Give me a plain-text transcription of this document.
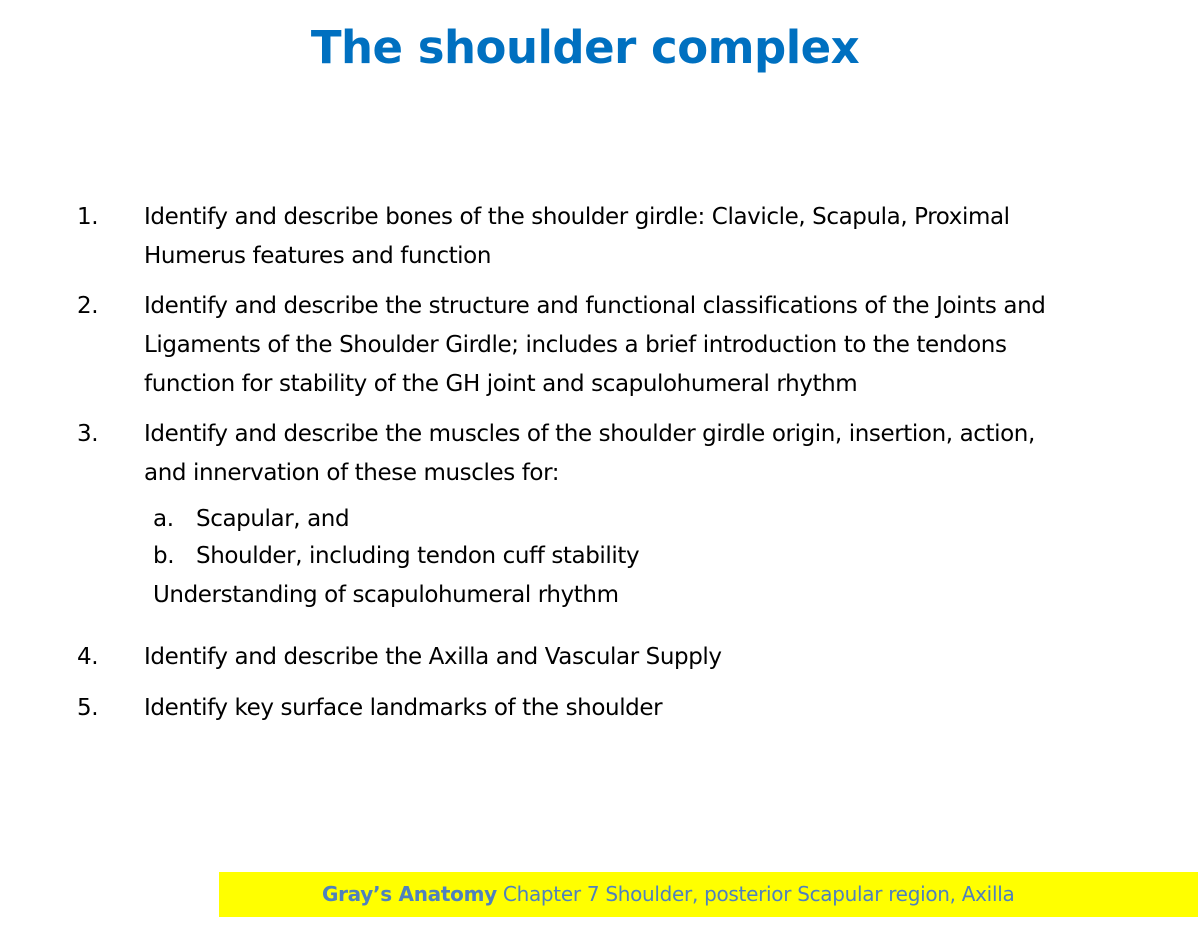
The shoulder complex
1. Identify and describe bones of the shoulder girdle: Clavicle, Scapula, Proximal
Humerus features and function
2. Identify and describe the structure and functional classifications of the Joints and
Ligaments of the Shoulder Girdle; includes a brief introduction to the tendons
function for stability of the GH joint and scapulohumeral rhythm
3. Identify and describe the muscles of the shoulder girdle origin, insertion, action,
and innervation of these muscles for:
a. Scapular, and
b. Shoulder, including tendon cuff stability
Understanding of scapulohumeral rhythm
4. Identify and describe the Axilla and Vascular Supply
5. Identify key surface landmarks of the shoulder
Gray’s Anatomy Chapter 7 Shoulder, posterior Scapular region, Axilla
